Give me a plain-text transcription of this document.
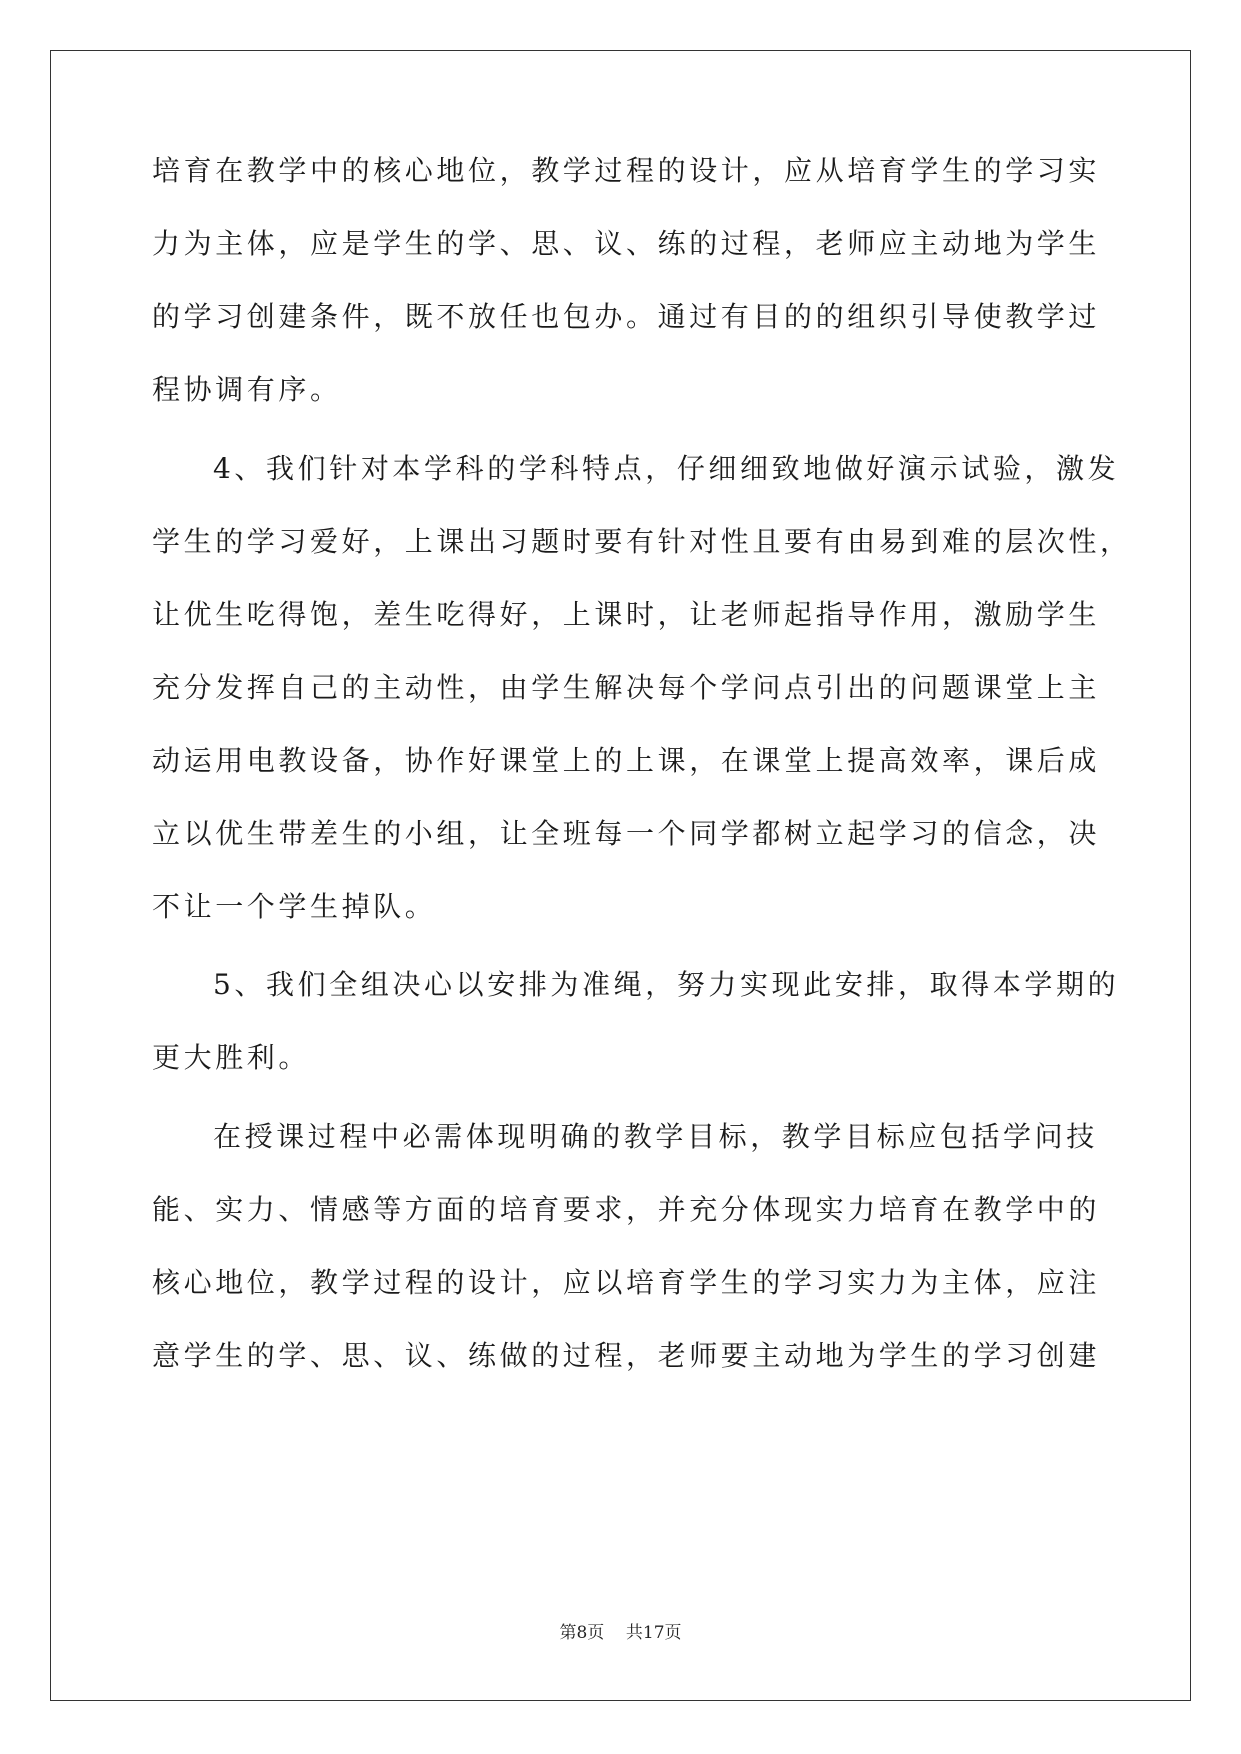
培育在教学中的核心地位，教学过程的设计，应从培育学生的学习实
力为主体，应是学生的学、思、议、练的过程，老师应主动地为学生
的学习创建条件，既不放任也包办。通过有目的的组织引导使教学过
程协调有序。
4、我们针对本学科的学科特点，仔细细致地做好演示试验，激发
学生的学习爱好，上课出习题时要有针对性且要有由易到难的层次性，
让优生吃得饱，差生吃得好，上课时，让老师起指导作用，激励学生
充分发挥自己的主动性，由学生解决每个学问点引出的问题课堂上主
动运用电教设备，协作好课堂上的上课，在课堂上提高效率，课后成
立以优生带差生的小组，让全班每一个同学都树立起学习的信念，决
不让一个学生掉队。
5、我们全组决心以安排为准绳，努力实现此安排，取得本学期的
更大胜利。
在授课过程中必需体现明确的教学目标，教学目标应包括学问技
能、实力、情感等方面的培育要求，并充分体现实力培育在教学中的
核心地位，教学过程的设计，应以培育学生的学习实力为主体，应注
意学生的学、思、议、练做的过程，老师要主动地为学生的学习创建
第8页 共17页
